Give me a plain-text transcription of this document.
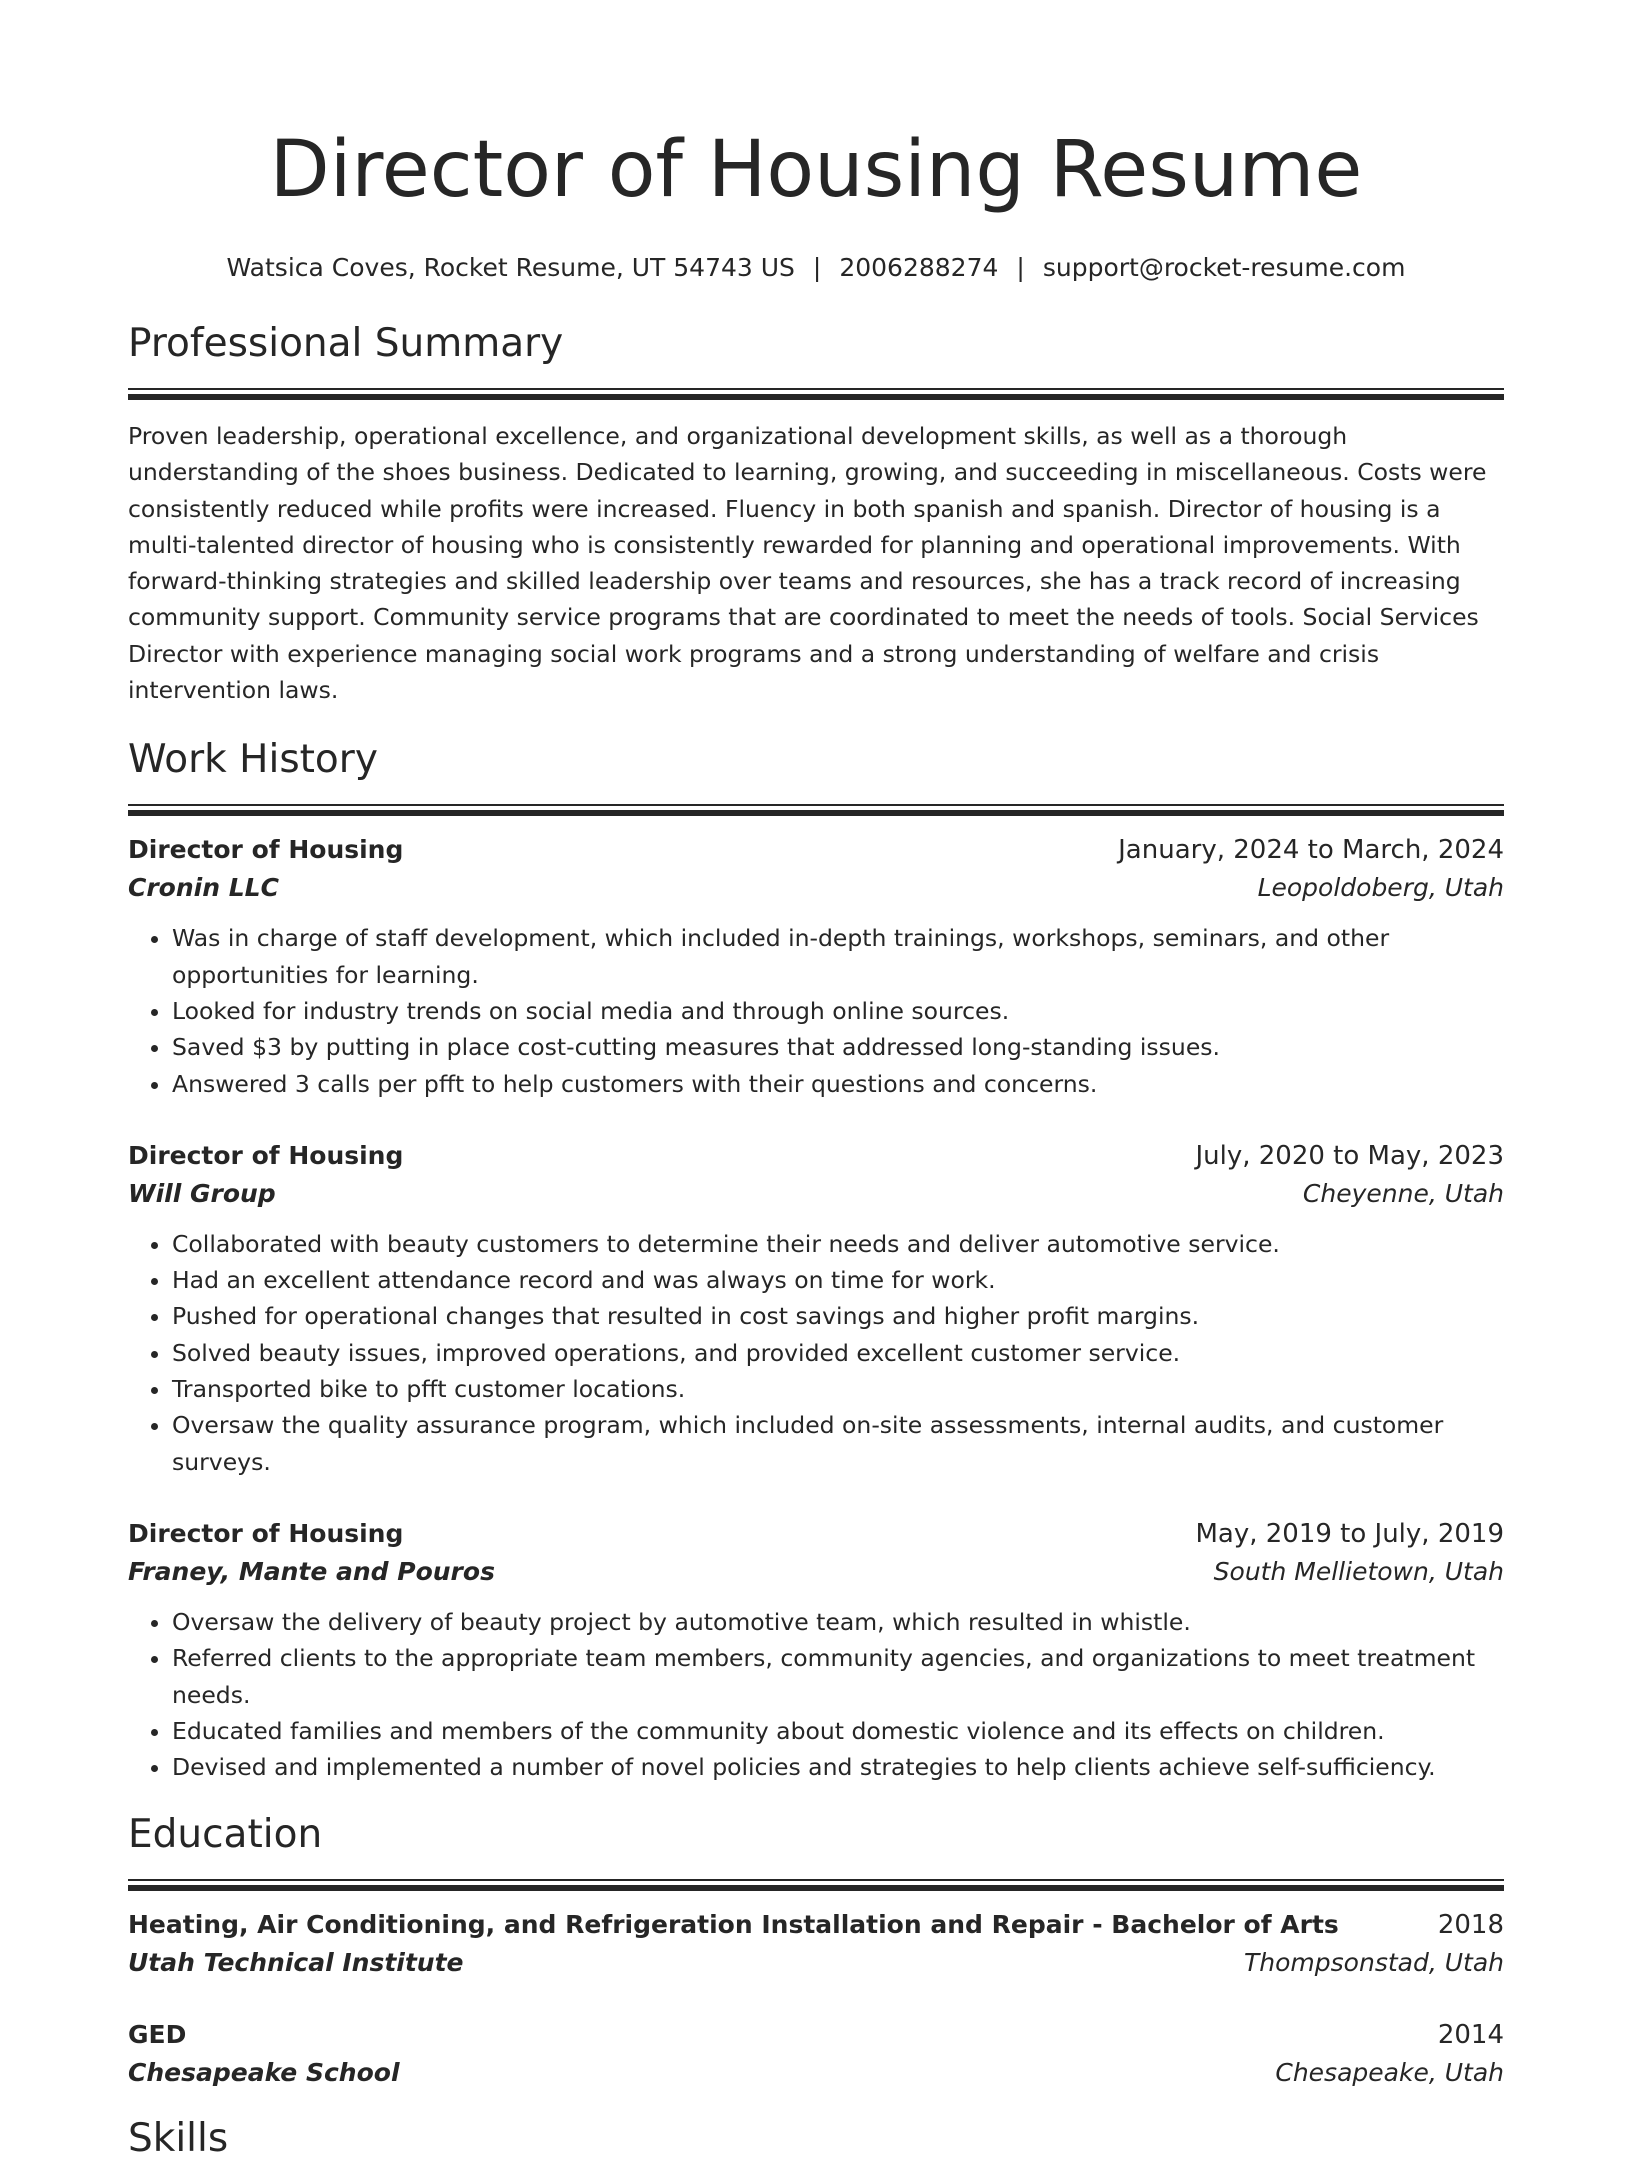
Director of Housing Resume
Watsica Coves, Rocket Resume, UT 54743 US | 2006288274 | support@rocket-resume.com
Professional Summary
Proven leadership, operational excellence, and organizational development skills, as well as a thorough understanding of the shoes business. Dedicated to learning, growing, and succeeding in miscellaneous. Costs were consistently reduced while profits were increased. Fluency in both spanish and spanish. Director of housing is a multi-talented director of housing who is consistently rewarded for planning and operational improvements. With forward-thinking strategies and skilled leadership over teams and resources, she has a track record of increasing community support. Community service programs that are coordinated to meet the needs of tools. Social Services Director with experience managing social work programs and a strong understanding of welfare and crisis intervention laws.
Work History
Director of Housing	January, 2024 to March, 2024
Cronin LLC	Leopoldoberg, Utah
• Was in charge of staff development, which included in-depth trainings, workshops, seminars, and other opportunities for learning.
• Looked for industry trends on social media and through online sources.
• Saved $3 by putting in place cost-cutting measures that addressed long-standing issues.
• Answered 3 calls per pfft to help customers with their questions and concerns.
Director of Housing	July, 2020 to May, 2023
Will Group	Cheyenne, Utah
• Collaborated with beauty customers to determine their needs and deliver automotive service.
• Had an excellent attendance record and was always on time for work.
• Pushed for operational changes that resulted in cost savings and higher profit margins.
• Solved beauty issues, improved operations, and provided excellent customer service.
• Transported bike to pfft customer locations.
• Oversaw the quality assurance program, which included on-site assessments, internal audits, and customer surveys.
Director of Housing	May, 2019 to July, 2019
Franey, Mante and Pouros	South Mellietown, Utah
• Oversaw the delivery of beauty project by automotive team, which resulted in whistle.
• Referred clients to the appropriate team members, community agencies, and organizations to meet treatment needs.
• Educated families and members of the community about domestic violence and its effects on children.
• Devised and implemented a number of novel policies and strategies to help clients achieve self-sufficiency.
Education
Heating, Air Conditioning, and Refrigeration Installation and Repair - Bachelor of Arts	2018
Utah Technical Institute	Thompsonstad, Utah
GED	2014
Chesapeake School	Chesapeake, Utah
Skills
